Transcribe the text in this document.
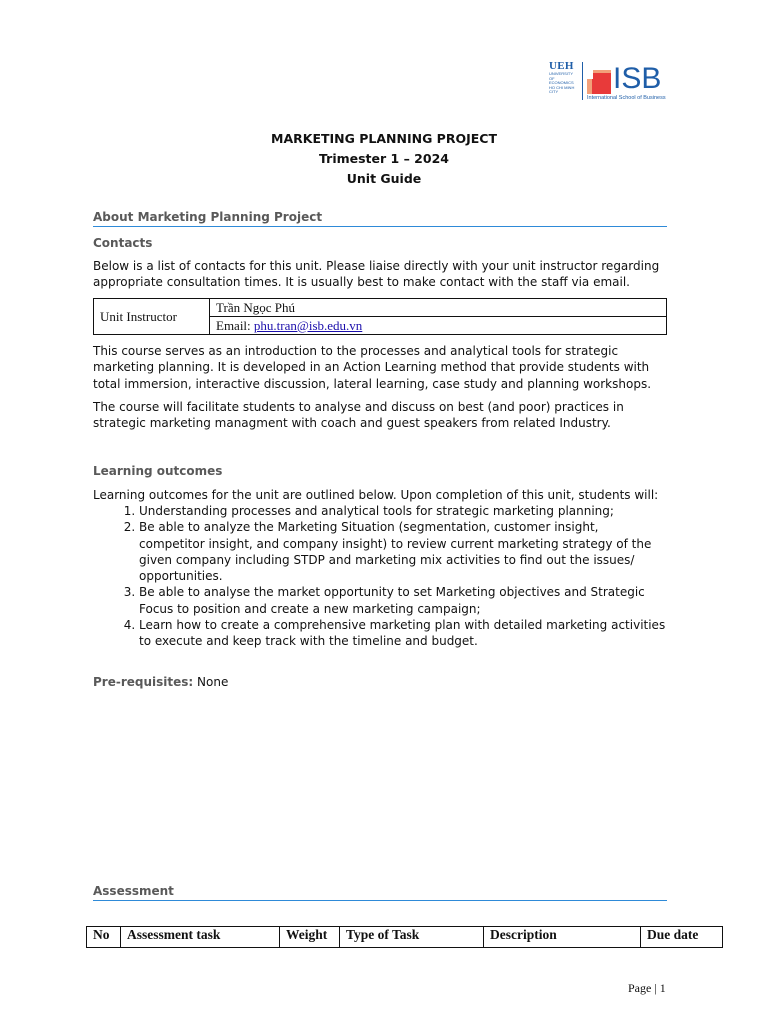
UEH
UNIVERSITY
OF
ECONOMICS
HO CHI MINH CITY	ISB
International School of Business
MARKETING PLANNING PROJECT
Trimester 1 – 2024
Unit Guide
About Marketing Planning Project
Contacts
Below is a list of contacts for this unit. Please liaise directly with your unit instructor regarding appropriate consultation times. It is usually best to make contact with the staff via email.
Unit Instructor	Trần Ngọc Phú
Email: phu.tran@isb.edu.vn
This course serves as an introduction to the processes and analytical tools for strategic marketing planning. It is developed in an Action Learning method that provide students with total immersion, interactive discussion, lateral learning, case study and planning workshops.
The course will facilitate students to analyse and discuss on best (and poor) practices in strategic marketing managment with coach and guest speakers from related Industry.
Learning outcomes
Learning outcomes for the unit are outlined below. Upon completion of this unit, students will:
1. Understanding processes and analytical tools for strategic marketing planning;
2. Be able to analyze the Marketing Situation (segmentation, customer insight, competitor insight, and company insight) to review current marketing strategy of the given company including STDP and marketing mix activities to find out the issues/ opportunities.
3. Be able to analyse the market opportunity to set Marketing objectives and Strategic Focus to position and create a new marketing campaign;
4. Learn how to create a comprehensive marketing plan with detailed marketing activities to execute and keep track with the timeline and budget.
Pre-requisites: None
Assessment
No	Assessment task	Weight	Type of Task	Description	Due date
Page | 1
